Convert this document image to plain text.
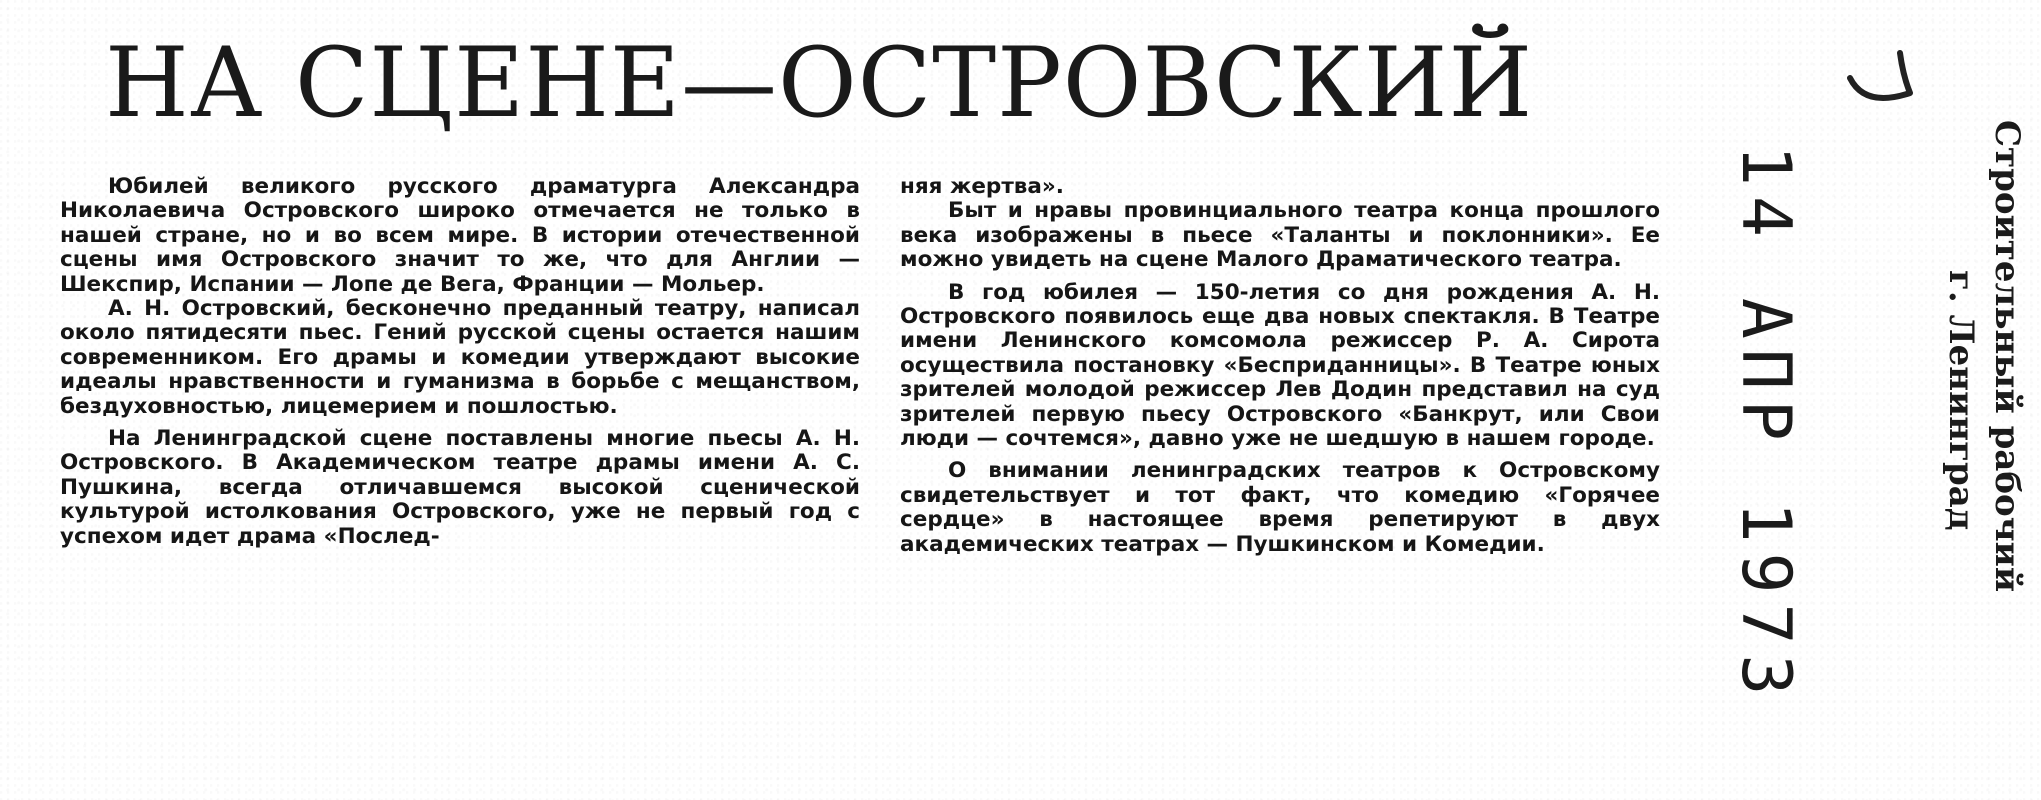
НА СЦЕНЕ—ОСТРОВСКИЙ

Юбилей великого русского драматурга Александра Николаевича Островского широко отмечается не только в нашей стране, но и во всем мире. В истории отечественной сцены имя Островского значит то же, что для Англии — Шекспир, Испании — Лопе де Вега, Франции — Мольер.

А. Н. Островский, бесконечно преданный театру, написал около пятидесяти пьес. Гений русской сцены остается нашим современником. Его драмы и комедии утверждают высокие идеалы нравственности и гуманизма в борьбе с мещанством, бездуховностью, лицемерием и пошлостью.

На Ленинградской сцене поставлены многие пьесы А. Н. Островского. В Академическом театре драмы имени А. С. Пушкина, всегда отличавшемся высокой сценической культурой истолкования Островского, уже не первый год с успехом идет драма «Послед-

няя жертва».

Быт и нравы провинциального театра конца прошлого века изображены в пьесе «Таланты и поклонники». Ее можно увидеть на сцене Малого Драматического театра.

В год юбилея — 150-летия со дня рождения А. Н. Островского появилось еще два новых спектакля. В Театре имени Ленинского комсомола режиссер Р. А. Сирота осуществила постановку «Бесприданницы». В Театре юных зрителей молодой режиссер Лев Додин представил на суд зрителей первую пьесу Островского «Банкрут, или Свои люди — сочтемся», давно уже не шедшую в нашем городе.

О внимании ленинградских театров к Островскому свидетельствует и тот факт, что комедию «Горячее сердце» в настоящее время репетируют в двух академических театрах — Пушкинском и Комедии.	14 АПР 1973	Строительный рабочий
г. Ленинград
